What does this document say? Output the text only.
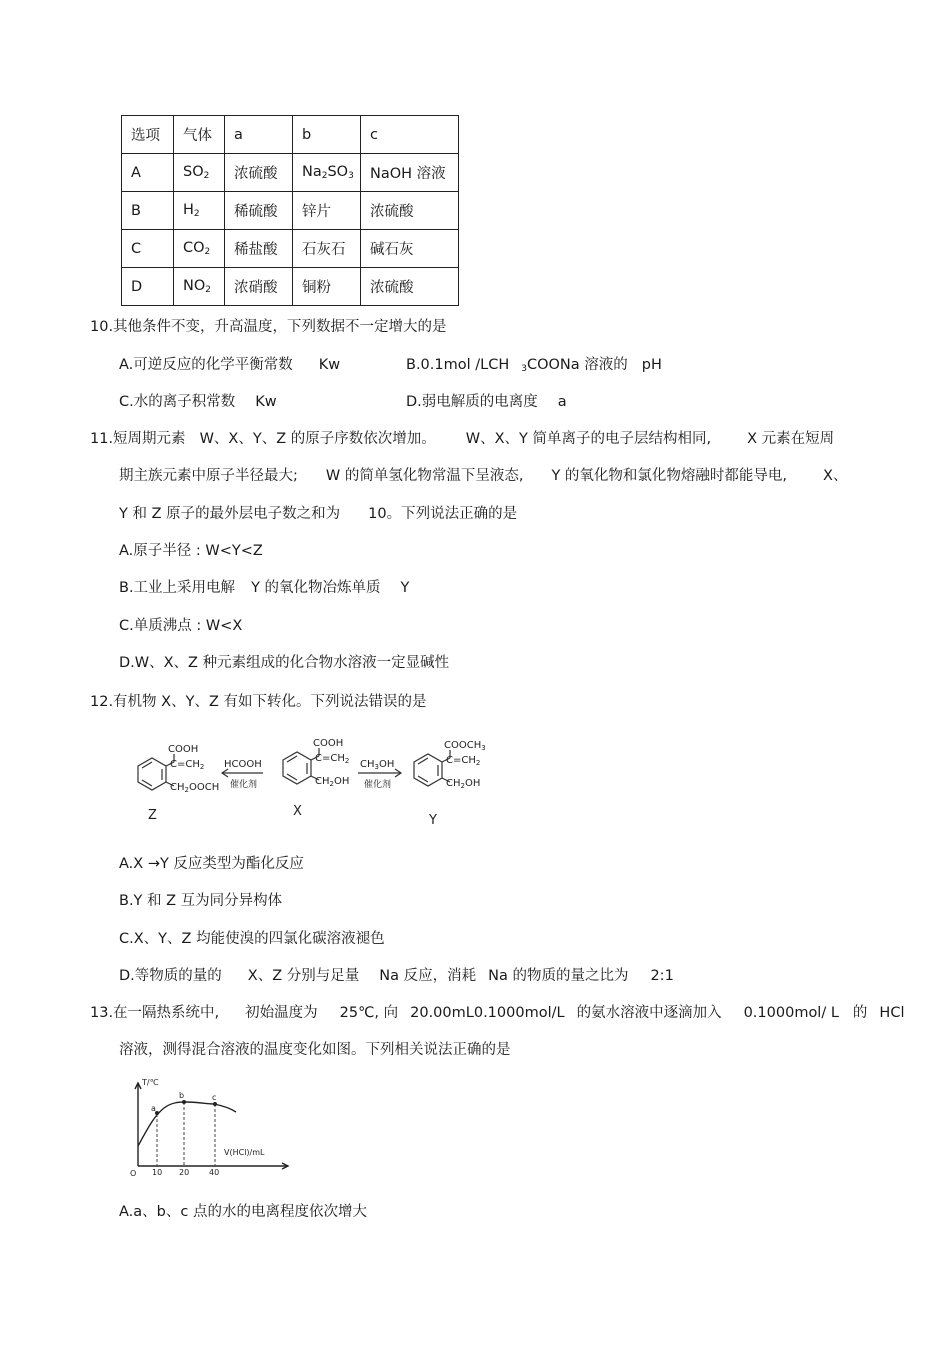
选项	气体	a	b	c
A	$SO_2$	浓硫酸	$Na_2SO_3$	NaOH 溶液
B	$H_2$	稀硫酸	锌片	浓硫酸
C	$CO_2$	稀盐酸	石灰石	碱石灰
D	$NO_2$	浓硝酸	铜粉	浓硫酸
10.其他条件不变，升高温度，下列数据不一定增大的是
A.可逆反应的化学平衡常数 Kw	B.0.1mol /LCH $_3$COONa 溶液的 pH
C.水的离子积常数 Kw	D.弱电解质的电离度 a
11.短周期元素 W、X、Y、Z 的原子序数依次增加。 W、X、Y 简单离子的电子层结构相同, X 元素在短周
期主族元素中原子半径最大; W 的简单氢化物常温下呈液态, Y 的氧化物和氯化物熔融时都能导电, X、
Y 和 Z 原子的最外层电子数之和为 10。下列说法正确的是
A.原子半径 : W<Y<Z
B.工业上采用电解 Y 的氧化物冶炼单质 Y
C.单质沸点 : W<X
D.W、X、Z 种元素组成的化合物水溶液一定显碱性
12.有机物 X、Y、Z 有如下转化。下列说法错误的是
COOH
$C=CH_2$
$CH_2OOCH$
HCOOH
催化剂
COOH
$C=CH_2$
$CH_2OH$
$CH_3OH$
催化剂
$COOCH_3$
$C=CH_2$
$CH_2OH$
Z	X
Y
A.X →Y 反应类型为酯化反应
B.Y 和 Z 互为同分异构体
C.X、Y、Z 均能使溴的四氯化碳溶液褪色
D.等物质的量的 X、Z 分别与足量 Na 反应，消耗 Na 的物质的量之比为 2:1
13.在一隔热系统中, 初始温度为 25℃, 向 20.00mL0.1000mol/L 的氨水溶液中逐滴加入 0.1000mol/ L 的 HCl
溶液，测得混合溶液的温度变化如图。下列相关说法正确的是
T/℃
V(HCl)/mL
O
a
b	c
10 20 40
A.a、b、c 点的水的电离程度依次增大
